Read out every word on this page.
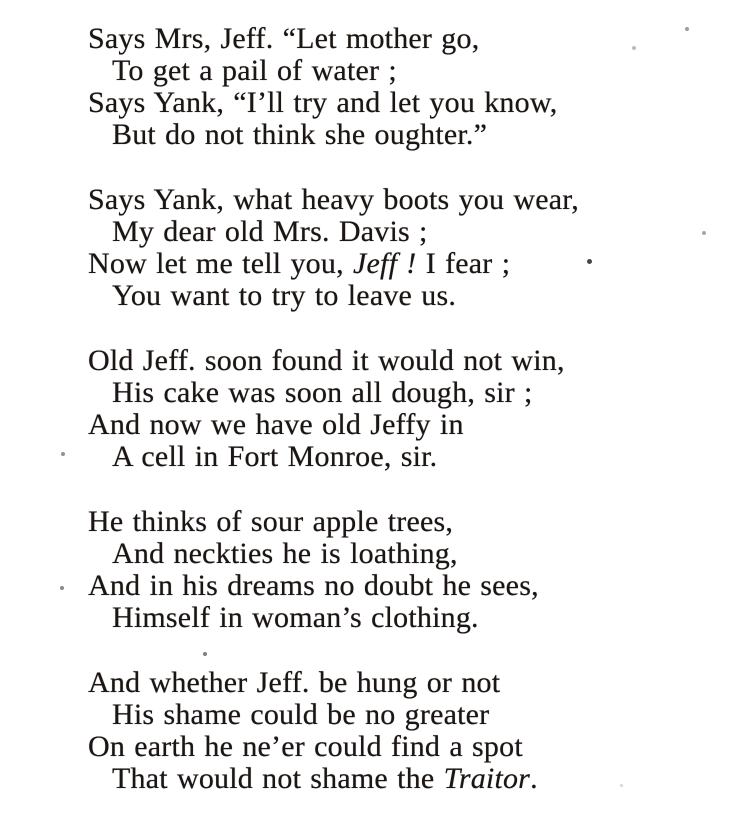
Says Mrs, Jeff. “Let mother go,
To get a pail of water ;
Says Yank, “I’ll try and let you know,
But do not think she oughter.”
Says Yank, what heavy boots you wear,
My dear old Mrs. Davis ;
Now let me tell you, Jeff ! I fear ;
You want to try to leave us.
Old Jeff. soon found it would not win,
His cake was soon all dough, sir ;
And now we have old Jeffy in
A cell in Fort Monroe, sir.
He thinks of sour apple trees,
And neckties he is loathing,
And in his dreams no doubt he sees,
Himself in woman’s clothing.
And whether Jeff. be hung or not
His shame could be no greater
On earth he ne’er could find a spot
That would not shame the Traitor.
